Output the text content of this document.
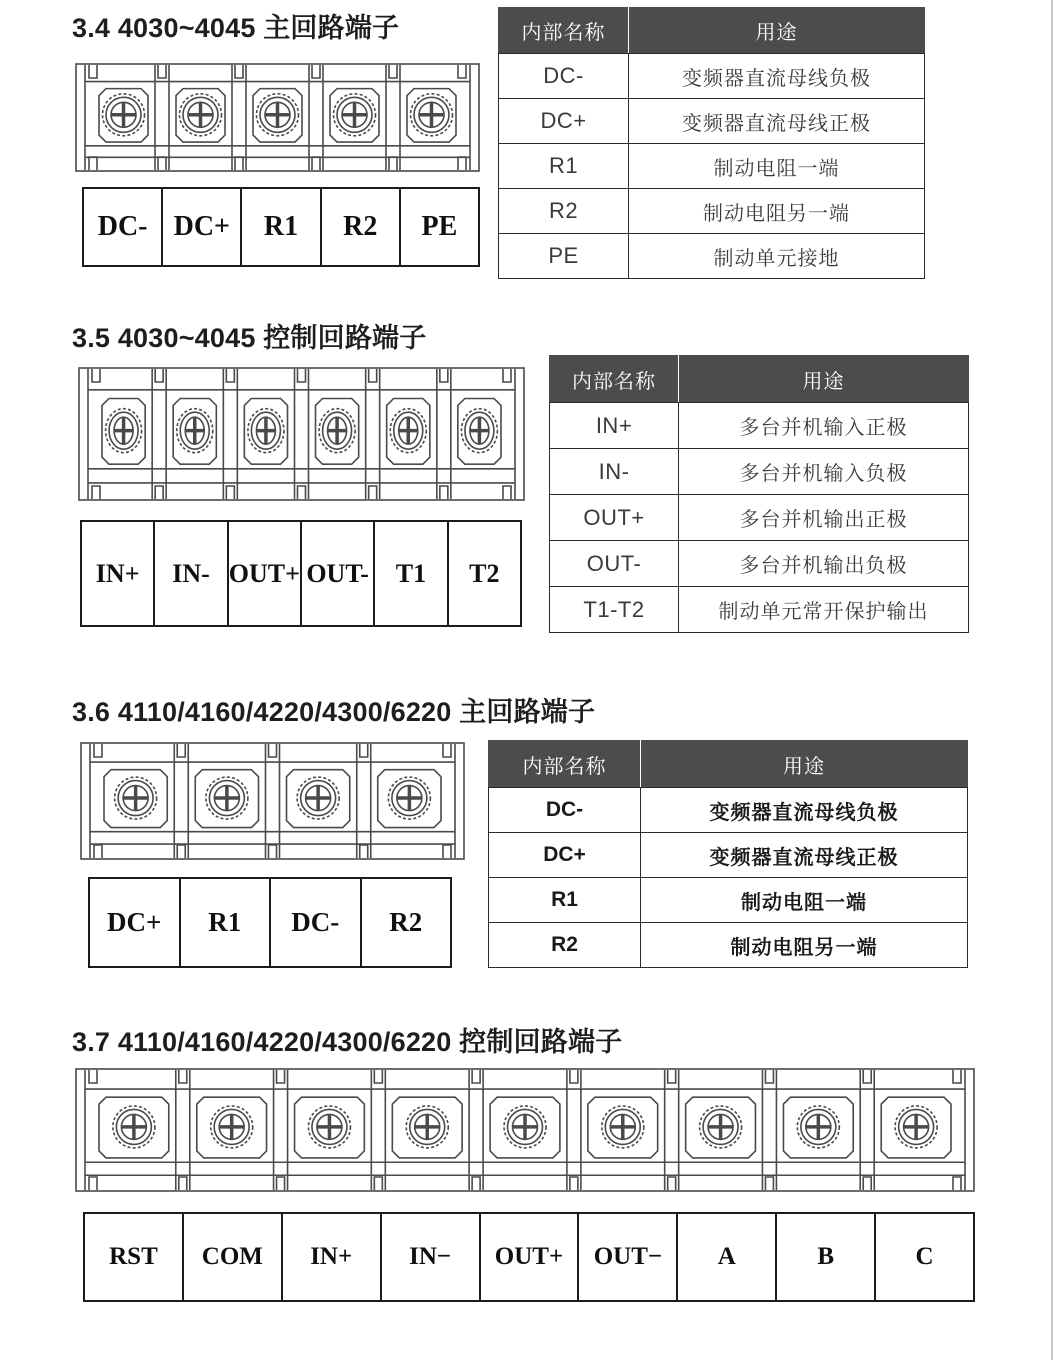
3.4 4030~4045 主回路端子
DC- DC+	R1	R2	PE
内部名称	用途
DC-	变频器直流母线负极
DC+	变频器直流母线正极
R1	制动电阻一端
R2	制动电阻另一端
PE	制动单元接地
3.5 4030~4045 控制回路端子
IN+	IN- OUT+ OUT-	T1	T2
内部名称	用途
IN+	多台并机输入正极
IN-	多台并机输入负极
OUT+	多台并机输出正极
OUT-	多台并机输出负极
T1-T2	制动单元常开保护输出
3.6 4110/4160/4220/4300/6220 主回路端子
DC+	R1	DC-	R2
内部名称	用途
DC-	变频器直流母线负极
DC+	变频器直流母线正极
R1	制动电阻一端
R2	制动电阻另一端
3.7 4110/4160/4220/4300/6220 控制回路端子
RST	COM	IN+	IN−	OUT+	OUT−	A	B	C
